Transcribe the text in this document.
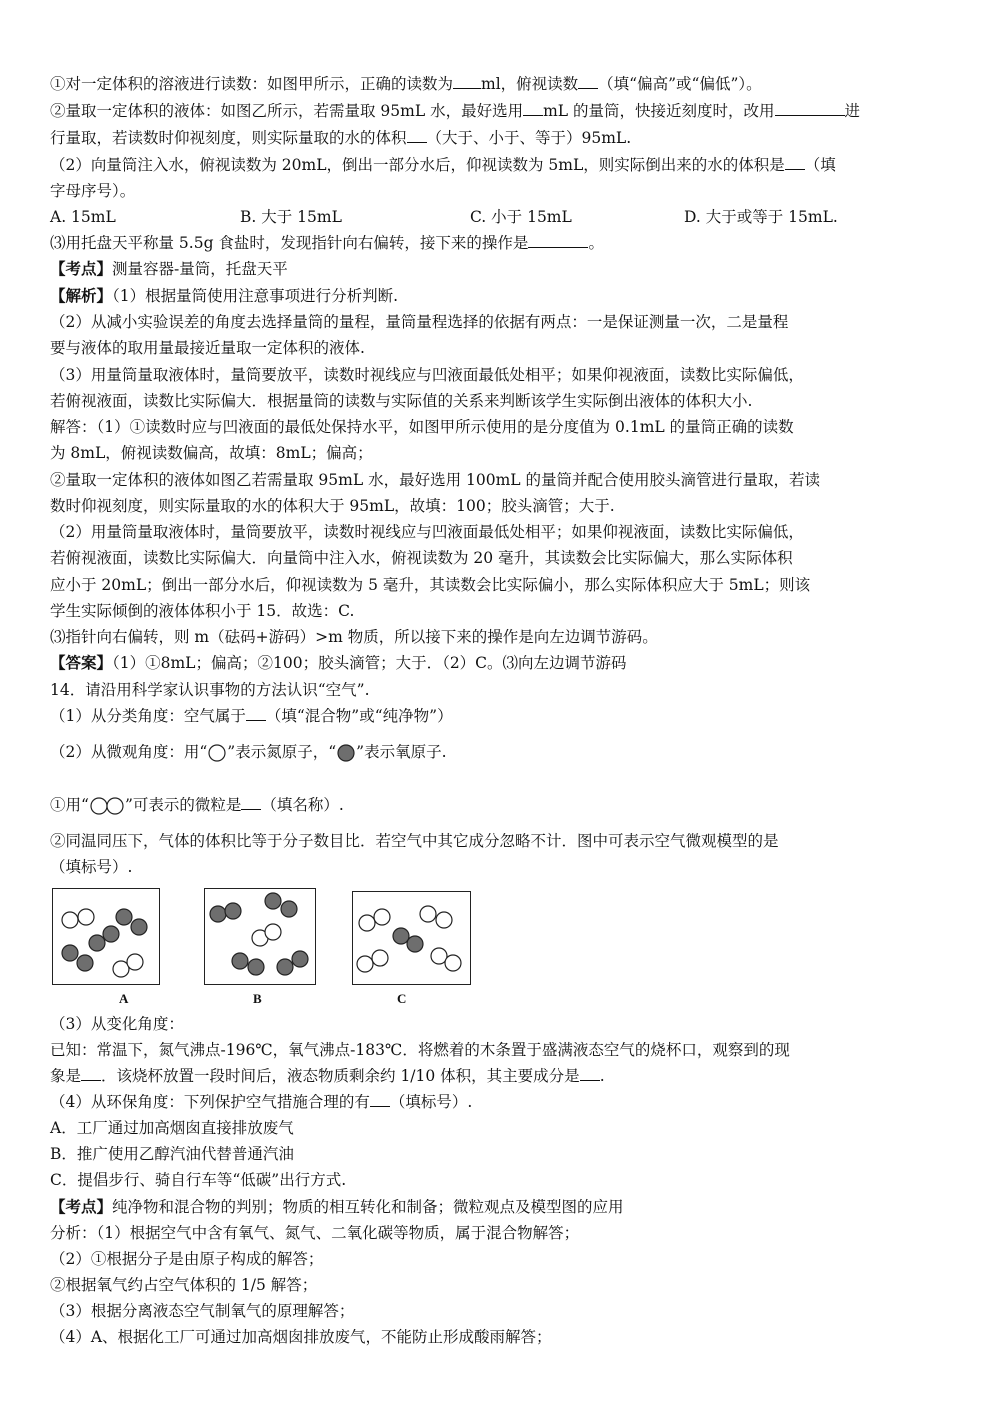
①对一定体积的溶液进行读数：如图甲所示，正确的读数为 ml，俯视读数 （填“偏高”或“偏低”）。
②量取一定体积的液体：如图乙所示，若需量取 95mL 水，最好选用 mL 的量筒，快接近刻度时，改用	进
行量取，若读数时仰视刻度，则实际量取的水的体积 （大于、小于、等于）95mL.
（2）向量筒注入水，俯视读数为 20mL，倒出一部分水后，仰视读数为 5mL，则实际倒出来的水的体积是 （填
字母序号）。
A. 15mL	B. 大于 15mL	C. 小于 15mL	D. 大于或等于 15mL.
⑶用托盘天平称量 5.5g 食盐时，发现指针向右偏转，接下来的操作是	。
【考点】测量容器-量筒，托盘天平
【解析】（1）根据量筒使用注意事项进行分析判断.
（2）从减小实验误差的角度去选择量筒的量程，量筒量程选择的依据有两点：一是保证测量一次，二是量程
要与液体的取用量最接近量取一定体积的液体.
（3）用量筒量取液体时，量筒要放平，读数时视线应与凹液面最低处相平；如果仰视液面，读数比实际偏低，
若俯视液面，读数比实际偏大．根据量筒的读数与实际值的关系来判断该学生实际倒出液体的体积大小.
解答：（1）①读数时应与凹液面的最低处保持水平，如图甲所示使用的是分度值为 0.1mL 的量筒正确的读数
为 8mL，俯视读数偏高，故填：8mL；偏高；
②量取一定体积的液体如图乙若需量取 95mL 水，最好选用 100mL 的量筒并配合使用胶头滴管进行量取，若读
数时仰视刻度，则实际量取的水的体积大于 95mL，故填：100；胶头滴管；大于.
（2）用量筒量取液体时，量筒要放平，读数时视线应与凹液面最低处相平；如果仰视液面，读数比实际偏低，
若俯视液面，读数比实际偏大．向量筒中注入水，俯视读数为 20 毫升，其读数会比实际偏大，那么实际体积
应小于 20mL；倒出一部分水后，仰视读数为 5 毫升，其读数会比实际偏小，那么实际体积应大于 5mL；则该
学生实际倾倒的液体体积小于 15．故选：C.
⑶指针向右偏转，则 m（砝码+游码）>m 物质，所以接下来的操作是向左边调节游码。
【答案】（1）①8mL；偏高；②100；胶头滴管；大于．（2）C。⑶向左边调节游码
14．请沿用科学家认识事物的方法认识“空气”.
（1）从分类角度：空气属于 （填“混合物”或“纯净物”）
（2）从微观角度：用“ ”表示氮原子，“ ”表示氧原子.
①用“ ”可表示的微粒是 （填名称）.
②同温同压下，气体的体积比等于分子数目比．若空气中其它成分忽略不计．图中可表示空气微观模型的是
（填标号）.
A	B	C
（3）从变化角度：
已知：常温下，氮气沸点-196℃，氧气沸点-183℃．将燃着的木条置于盛满液态空气的烧杯口，观察到的现
象是 ．该烧杯放置一段时间后，液态物质剩余约 1/10 体积，其主要成分是 .
（4）从环保角度：下列保护空气措施合理的有 （填标号）.
A．工厂通过加高烟囱直接排放废气
B．推广使用乙醇汽油代替普通汽油
C．提倡步行、骑自行车等“低碳”出行方式.
【考点】纯净物和混合物的判别；物质的相互转化和制备；微粒观点及模型图的应用
分析：（1）根据空气中含有氧气、氮气、二氧化碳等物质，属于混合物解答；
（2）①根据分子是由原子构成的解答；
②根据氧气约占空气体积的 1/5 解答；
（3）根据分离液态空气制氧气的原理解答；
（4）A、根据化工厂可通过加高烟囱排放废气，不能防止形成酸雨解答；
